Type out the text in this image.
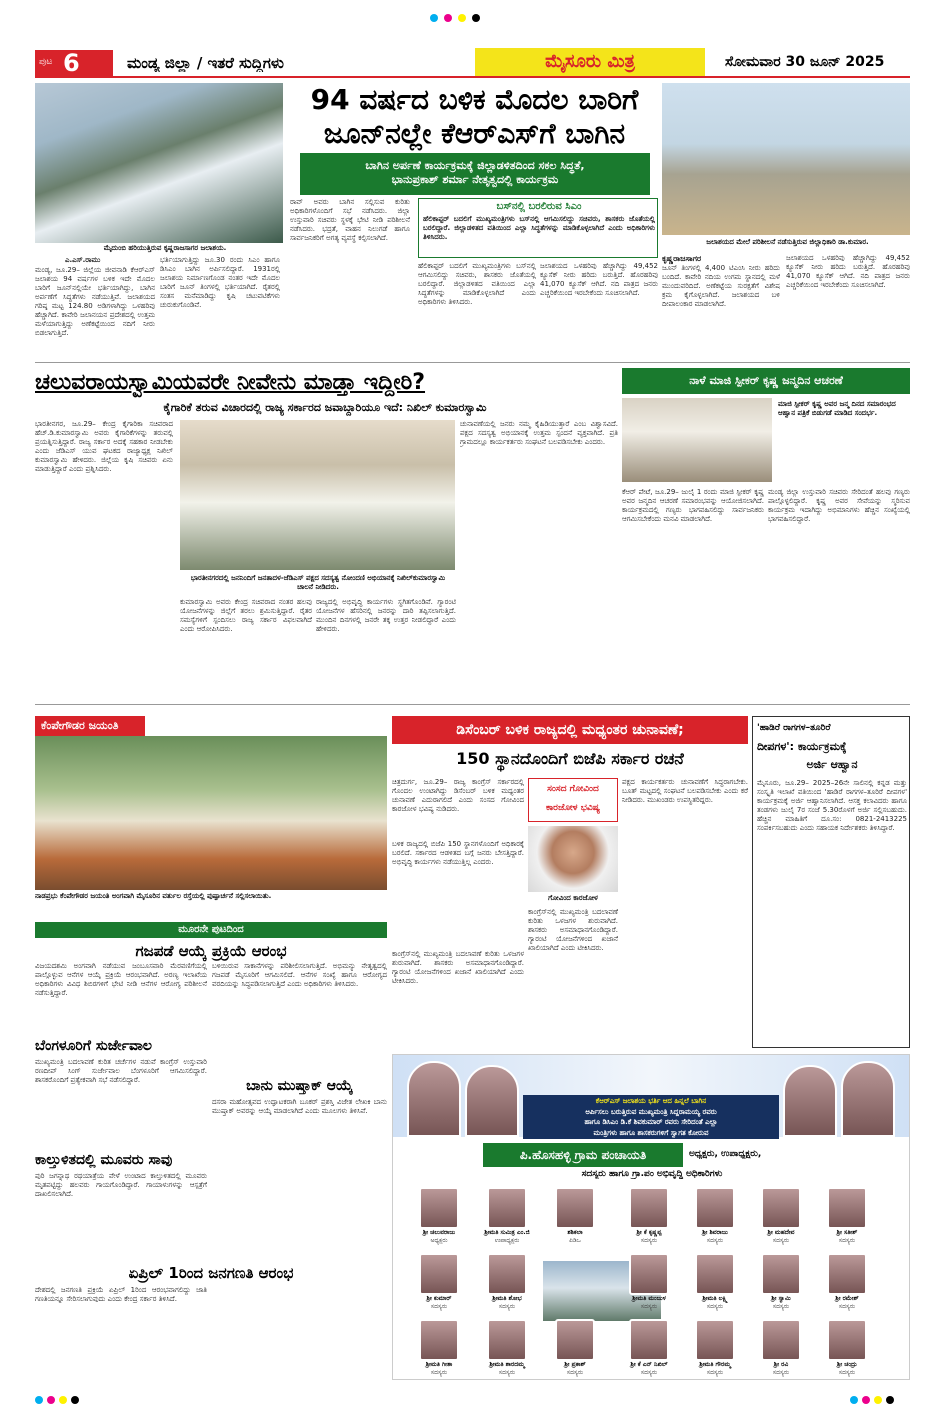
ಪುಟ 6	ಮಂಡ್ಯ ಜಿಲ್ಲಾ / ಇತರೆ ಸುದ್ದಿಗಳು	ಮೈಸೂರು ಮಿತ್ರ	ಸೋಮವಾರ 30 ಜೂನ್ 2025
ಮೈದುಂಬಿ ಹರಿಯುತ್ತಿರುವ ಕೃಷ್ಣರಾಜಸಾಗರ ಜಲಾಶಯ.
94 ವರ್ಷದ ಬಳಿಕ ಮೊದಲ ಬಾರಿಗೆ
ಜೂನ್‌ನಲ್ಲೇ ಕೆಆರ್‌ಎಸ್‌ಗೆ ಬಾಗಿನ
ಬಾಗಿನ ಅರ್ಪಣೆ ಕಾರ್ಯಕ್ರಮಕ್ಕೆ ಜಿಲ್ಲಾಡಳಿತದಿಂದ ಸಕಲ ಸಿದ್ಧತೆ,
ಭಾನುಪ್ರಕಾಶ್ ಶರ್ಮಾ ನೇತೃತ್ವದಲ್ಲಿ ಕಾರ್ಯಕ್ರಮ
ಜಲಾಶಯದ ಮೇಲೆ ಪರಿಶೀಲನೆ ನಡೆಸುತ್ತಿರುವ ಜಿಲ್ಲಾಧಿಕಾರಿ ಡಾ.ಕುಮಾರ.
ಎ.ಎಸ್.ರಾಮು
ಮಂಡ್ಯ, ಜೂ.29– ಜಿಲ್ಲೆಯ ಜೀವನಾಡಿ ಕೆಆರ್‌ಎಸ್ ಜಲಾಶಯ 94 ವರ್ಷಗಳ ಬಳಿಕ ಇದೇ ಮೊದಲ ಬಾರಿಗೆ ಜೂನ್‌ನಲ್ಲಿಯೇ ಭರ್ತಿಯಾಗಿದ್ದು, ಬಾಗಿನ ಅರ್ಪಣೆಗೆ ಸಿದ್ಧತೆಗಳು ನಡೆಯುತ್ತಿವೆ. ಜಲಾಶಯದ ಗರಿಷ್ಠ ಮಟ್ಟ 124.80 ಅಡಿಗಳಾಗಿದ್ದು ಒಳಹರಿವು ಹೆಚ್ಚಾಗಿದೆ. ಕಾವೇರಿ ಜಲಾನಯನ ಪ್ರದೇಶದಲ್ಲಿ ಉತ್ತಮ ಮಳೆಯಾಗುತ್ತಿದ್ದು ಅಣೆಕಟ್ಟೆಯಿಂದ ನದಿಗೆ ನೀರು ಬಿಡಲಾಗುತ್ತಿದೆ.
ಭರ್ತಿಯಾಗುತ್ತಿದ್ದು ಜೂ.30 ರಂದು ಸಿಎಂ ಹಾಗೂ ಡಿಸಿಎಂ ಬಾಗಿನ ಅರ್ಪಿಸಲಿದ್ದಾರೆ. 1931ರಲ್ಲಿ ಜಲಾಶಯ ನಿರ್ಮಾಣಗೊಂಡ ನಂತರ ಇದೇ ಮೊದಲ ಬಾರಿಗೆ ಜೂನ್ ತಿಂಗಳಲ್ಲಿ ಭರ್ತಿಯಾಗಿದೆ. ರೈತರಲ್ಲಿ ಸಂತಸ ಮನೆಮಾಡಿದ್ದು ಕೃಷಿ ಚಟುವಟಿಕೆಗಳು ಚುರುಕುಗೊಂಡಿವೆ.
ರಾವ್ ಅವರು ಬಾಗಿನ ಸಲ್ಲಿಸುವ ಕುರಿತು ಅಧಿಕಾರಿಗಳೊಂದಿಗೆ ಸಭೆ ನಡೆಸಿದರು. ಜಿಲ್ಲಾ ಉಸ್ತುವಾರಿ ಸಚಿವರು ಸ್ಥಳಕ್ಕೆ ಭೇಟಿ ನೀಡಿ ಪರಿಶೀಲನೆ ನಡೆಸಿದರು. ಭದ್ರತೆ, ವಾಹನ ನಿಲುಗಡೆ ಹಾಗೂ ಸಾರ್ವಜನಿಕರಿಗೆ ಅಗತ್ಯ ವ್ಯವಸ್ಥೆ ಕಲ್ಪಿಸಲಾಗಿದೆ.
ಬಸ್‌ನಲ್ಲಿ ಬರಲಿರುವ ಸಿಎಂ
ಹೆಲಿಕಾಪ್ಟರ್ ಬದಲಿಗೆ ಮುಖ್ಯಮಂತ್ರಿಗಳು ಬಸ್‌ನಲ್ಲಿ ಆಗಮಿಸಲಿದ್ದು ಸಚಿವರು, ಶಾಸಕರು ಜೊತೆಯಲ್ಲಿ ಬರಲಿದ್ದಾರೆ. ಜಿಲ್ಲಾಡಳಿತದ ವತಿಯಿಂದ ಎಲ್ಲಾ ಸಿದ್ಧತೆಗಳನ್ನು ಮಾಡಿಕೊಳ್ಳಲಾಗಿದೆ ಎಂದು ಅಧಿಕಾರಿಗಳು ತಿಳಿಸಿದರು.
ಹೆಲಿಕಾಪ್ಟರ್ ಬದಲಿಗೆ ಮುಖ್ಯಮಂತ್ರಿಗಳು ಬಸ್‌ನಲ್ಲಿ ಆಗಮಿಸಲಿದ್ದು ಸಚಿವರು, ಶಾಸಕರು ಜೊತೆಯಲ್ಲಿ ಬರಲಿದ್ದಾರೆ. ಜಿಲ್ಲಾಡಳಿತದ ವತಿಯಿಂದ ಎಲ್ಲಾ ಸಿದ್ಧತೆಗಳನ್ನು ಮಾಡಿಕೊಳ್ಳಲಾಗಿದೆ ಎಂದು ಅಧಿಕಾರಿಗಳು ತಿಳಿಸಿದರು.
ಜಲಾಶಯದ ಒಳಹರಿವು ಹೆಚ್ಚಾಗಿದ್ದು 49,452 ಕ್ಯೂಸೆಕ್ ನೀರು ಹರಿದು ಬರುತ್ತಿದೆ. ಹೊರಹರಿವು 41,070 ಕ್ಯೂಸೆಕ್ ಆಗಿದೆ. ನದಿ ಪಾತ್ರದ ಜನರು ಎಚ್ಚರಿಕೆಯಿಂದ ಇರಬೇಕೆಂದು ಸೂಚಿಸಲಾಗಿದೆ.
ಕೃಷ್ಣರಾಜಸಾಗರ
ಜೂನ್ ತಿಂಗಳಲ್ಲಿ 4,400 ಟಿಎಂಸಿ ನೀರು ಹರಿದು ಬಂದಿದೆ. ಕಾವೇರಿ ನದಿಯ ಉಗಮ ಸ್ಥಾನದಲ್ಲಿ ಮಳೆ ಮುಂದುವರಿದಿದೆ. ಅಣೆಕಟ್ಟೆಯ ಸುರಕ್ಷತೆಗೆ ವಿಶೇಷ ಕ್ರಮ ಕೈಗೊಳ್ಳಲಾಗಿದೆ. ಜಲಾಶಯದ ಬಳಿ ದೀಪಾಲಂಕಾರ ಮಾಡಲಾಗಿದೆ.
ಜಲಾಶಯದ ಒಳಹರಿವು ಹೆಚ್ಚಾಗಿದ್ದು 49,452 ಕ್ಯೂಸೆಕ್ ನೀರು ಹರಿದು ಬರುತ್ತಿದೆ. ಹೊರಹರಿವು 41,070 ಕ್ಯೂಸೆಕ್ ಆಗಿದೆ. ನದಿ ಪಾತ್ರದ ಜನರು ಎಚ್ಚರಿಕೆಯಿಂದ ಇರಬೇಕೆಂದು ಸೂಚಿಸಲಾಗಿದೆ.
ಚಲುವರಾಯಸ್ವಾಮಿಯವರೇ ನೀವೇನು ಮಾಡ್ತಾ ಇದ್ದೀರಿ?
ಕೈಗಾರಿಕೆ ತರುವ ವಿಚಾರದಲ್ಲಿ ರಾಜ್ಯ ಸರ್ಕಾರದ ಜವಾಬ್ದಾರಿಯೂ ಇದೆ: ನಿಖಿಲ್ ಕುಮಾರಸ್ವಾಮಿ
ಭಾರತೀನಗರ, ಜೂ.29– ಕೇಂದ್ರ ಕೈಗಾರಿಕಾ ಸಚಿವರಾದ ಹೆಚ್.ಡಿ.ಕುಮಾರಸ್ವಾಮಿ ಅವರು ಕೈಗಾರಿಕೆಗಳನ್ನು ತರುವಲ್ಲಿ ಪ್ರಯತ್ನಿಸುತ್ತಿದ್ದಾರೆ. ರಾಜ್ಯ ಸರ್ಕಾರ ಅದಕ್ಕೆ ಸಹಕಾರ ನೀಡಬೇಕು ಎಂದು ಜೆಡಿಎಸ್ ಯುವ ಘಟಕದ ರಾಜ್ಯಾಧ್ಯಕ್ಷ ನಿಖಿಲ್ ಕುಮಾರಸ್ವಾಮಿ ಹೇಳಿದರು. ಜಿಲ್ಲೆಯ ಕೃಷಿ ಸಚಿವರು ಏನು ಮಾಡುತ್ತಿದ್ದಾರೆ ಎಂದು ಪ್ರಶ್ನಿಸಿದರು.
ಭಾರತೀನಗರದಲ್ಲಿ ಜನನಿಂದಿಗೆ ಜನತಾದಳ-ಜೆಡಿಎಸ್ ಪಕ್ಷದ ಸದಸ್ಯತ್ವ ನೋಂದಣಿ ಅಭಿಯಾನಕ್ಕೆ ನಿಖಿಲ್‌ಕುಮಾರಸ್ವಾಮಿ ಚಾಲನೆ ನೀಡಿದರು.
ಚುನಾವಣೆಯಲ್ಲಿ ಜನರು ನಮ್ಮ ಕೈಹಿಡಿಯುತ್ತಾರೆ ಎಂಬ ವಿಶ್ವಾಸವಿದೆ. ಪಕ್ಷದ ಸದಸ್ಯತ್ವ ಅಭಿಯಾನಕ್ಕೆ ಉತ್ತಮ ಸ್ಪಂದನೆ ವ್ಯಕ್ತವಾಗಿದೆ. ಪ್ರತಿ ಗ್ರಾಮದಲ್ಲೂ ಕಾರ್ಯಕರ್ತರು ಸಂಘಟನೆ ಬಲಪಡಿಸಬೇಕು ಎಂದರು.
ಕುಮಾರಸ್ವಾಮಿ ಅವರು ಕೇಂದ್ರ ಸಚಿವರಾದ ನಂತರ ಹಲವು ಯೋಜನೆಗಳನ್ನು ಜಿಲ್ಲೆಗೆ ತರಲು ಶ್ರಮಿಸುತ್ತಿದ್ದಾರೆ. ರೈತರ ಸಮಸ್ಯೆಗಳಿಗೆ ಸ್ಪಂದಿಸಲು ರಾಜ್ಯ ಸರ್ಕಾರ ವಿಫಲವಾಗಿದೆ ಎಂದು ಆರೋಪಿಸಿದರು.
ರಾಜ್ಯದಲ್ಲಿ ಅಭಿವೃದ್ಧಿ ಕಾರ್ಯಗಳು ಸ್ಥಗಿತಗೊಂಡಿವೆ. ಗ್ಯಾರಂಟಿ ಯೋಜನೆಗಳ ಹೆಸರಿನಲ್ಲಿ ಜನರನ್ನು ದಾರಿ ತಪ್ಪಿಸಲಾಗುತ್ತಿದೆ. ಮುಂದಿನ ದಿನಗಳಲ್ಲಿ ಜನರೇ ತಕ್ಕ ಉತ್ತರ ನೀಡಲಿದ್ದಾರೆ ಎಂದು ಹೇಳಿದರು.
ನಾಳೆ ಮಾಜಿ ಸ್ಪೀಕರ್ ಕೃಷ್ಣ ಜನ್ಮದಿನ ಆಚರಣೆ
ಮಾಜಿ ಸ್ಪೀಕರ್ ಕೃಷ್ಣ ಅವರ ಜನ್ಮ ದಿನದ ಸಮಾರಂಭದ ಆಹ್ವಾನ ಪತ್ರಿಕೆ ಬಿಡುಗಡೆ ಮಾಡಿದ ಸಂದರ್ಭ.
ಕೆಆರ್ ಪೇಟೆ, ಜೂ.29– ಜುಲೈ 1 ರಂದು ಮಾಜಿ ಸ್ಪೀಕರ್ ಕೃಷ್ಣ ಅವರ ಜನ್ಮದಿನ ಆಚರಣೆ ಸಮಾರಂಭವನ್ನು ಆಯೋಜಿಸಲಾಗಿದೆ. ಕಾರ್ಯಕ್ರಮದಲ್ಲಿ ಗಣ್ಯರು ಭಾಗವಹಿಸಲಿದ್ದು ಸಾರ್ವಜನಿಕರು ಆಗಮಿಸಬೇಕೆಂದು ಮನವಿ ಮಾಡಲಾಗಿದೆ.
ಮಂಡ್ಯ ಜಿಲ್ಲಾ ಉಸ್ತುವಾರಿ ಸಚಿವರು ಸೇರಿದಂತೆ ಹಲವು ಗಣ್ಯರು ಪಾಲ್ಗೊಳ್ಳಲಿದ್ದಾರೆ. ಕೃಷ್ಣ ಅವರ ಸೇವೆಯನ್ನು ಸ್ಮರಿಸುವ ಕಾರ್ಯಕ್ರಮ ಇದಾಗಿದ್ದು ಅಭಿಮಾನಿಗಳು ಹೆಚ್ಚಿನ ಸಂಖ್ಯೆಯಲ್ಲಿ ಭಾಗವಹಿಸಲಿದ್ದಾರೆ.
ಕೆಂಪೇಗೌಡರ ಜಯಂತಿ
ನಾಡಪ್ರಭು ಕೆಂಪೇಗೌಡರ ಜಯಂತಿ ಅಂಗವಾಗಿ ಮೈಸೂರಿನ ವರ್ತುಲ ರಸ್ತೆಯಲ್ಲಿ ಪುಷ್ಪಾರ್ಚನೆ ಸಲ್ಲಿಸಲಾಯಿತು.
ಮೂರನೇ ಪುಟದಿಂದ
ಗಜಪಡೆ ಆಯ್ಕೆ ಪ್ರಕ್ರಿಯೆ ಆರಂಭ
ವಿಜಯದಶಮಿ ಅಂಗವಾಗಿ ನಡೆಯುವ ಜಂಬೂಸವಾರಿ ಮೆರವಣಿಗೆಯಲ್ಲಿ ಪಾಲ್ಗೊಳ್ಳುವ ಆನೆಗಳ ಆಯ್ಕೆ ಪ್ರಕ್ರಿಯೆ ಆರಂಭವಾಗಿದೆ. ಅರಣ್ಯ ಇಲಾಖೆಯ ಅಧಿಕಾರಿಗಳು ವಿವಿಧ ಶಿಬಿರಗಳಿಗೆ ಭೇಟಿ ನೀಡಿ ಆನೆಗಳ ಆರೋಗ್ಯ ಪರಿಶೀಲನೆ ನಡೆಸುತ್ತಿದ್ದಾರೆ.
ಬಳಿಯಿರುವ ಸಾಕಾನೆಗಳನ್ನು ಪರಿಶೀಲಿಸಲಾಗುತ್ತಿದೆ. ಅಭಿಮನ್ಯು ನೇತೃತ್ವದಲ್ಲಿ ಗಜಪಡೆ ಮೈಸೂರಿಗೆ ಆಗಮಿಸಲಿದೆ. ಆನೆಗಳ ಸಂಖ್ಯೆ ಹಾಗೂ ಆರೋಗ್ಯದ ವರದಿಯನ್ನು ಸಿದ್ಧಪಡಿಸಲಾಗುತ್ತಿದೆ ಎಂದು ಅಧಿಕಾರಿಗಳು ತಿಳಿಸಿದರು.
ಬೆಂಗಳೂರಿಗೆ ಸುರ್ಜೇವಾಲ
ಮುಖ್ಯಮಂತ್ರಿ ಬದಲಾವಣೆ ಕುರಿತ ಚರ್ಚೆಗಳ ನಡುವೆ ಕಾಂಗ್ರೆಸ್ ಉಸ್ತುವಾರಿ ರಣದೀಪ್ ಸಿಂಗ್ ಸುರ್ಜೇವಾಲ ಬೆಂಗಳೂರಿಗೆ ಆಗಮಿಸಲಿದ್ದಾರೆ. ಶಾಸಕರೊಂದಿಗೆ ಪ್ರತ್ಯೇಕವಾಗಿ ಸಭೆ ನಡೆಸಲಿದ್ದಾರೆ.	ಬಾನು ಮುಷ್ತಾಕ್ ಆಯ್ಕೆ
ದಸರಾ ಮಹೋತ್ಸವದ ಉದ್ಘಾಟಕರಾಗಿ ಬೂಕರ್ ಪ್ರಶಸ್ತಿ ವಿಜೇತ ಲೇಖಕಿ ಬಾನು ಮುಷ್ತಾಕ್ ಅವರನ್ನು ಆಯ್ಕೆ ಮಾಡಲಾಗಿದೆ ಎಂದು ಮೂಲಗಳು ತಿಳಿಸಿವೆ.
ಕಾಲ್ತುಳಿತದಲ್ಲಿ ಮೂವರು ಸಾವು
ಪುರಿ ಜಗನ್ನಾಥ ರಥಯಾತ್ರೆಯ ವೇಳೆ ಉಂಟಾದ ಕಾಲ್ತುಳಿತದಲ್ಲಿ ಮೂವರು ಮೃತಪಟ್ಟಿದ್ದು ಹಲವರು ಗಾಯಗೊಂಡಿದ್ದಾರೆ. ಗಾಯಾಳುಗಳನ್ನು ಆಸ್ಪತ್ರೆಗೆ ದಾಖಲಿಸಲಾಗಿದೆ.
ಏಪ್ರಿಲ್ 1ರಿಂದ ಜನಗಣತಿ ಆರಂಭ
ದೇಶದಲ್ಲಿ ಜನಗಣತಿ ಪ್ರಕ್ರಿಯೆ ಏಪ್ರಿಲ್ 1ರಿಂದ ಆರಂಭವಾಗಲಿದ್ದು ಜಾತಿ ಗಣತಿಯನ್ನೂ ಸೇರಿಸಲಾಗುವುದು ಎಂದು ಕೇಂದ್ರ ಸರ್ಕಾರ ತಿಳಿಸಿದೆ.
ಡಿಸೆಂಬರ್ ಬಳಿಕ ರಾಜ್ಯದಲ್ಲಿ ಮಧ್ಯಂತರ ಚುನಾವಣೆ;
150 ಸ್ಥಾನದೊಂದಿಗೆ ಬಿಜೆಪಿ ಸರ್ಕಾರ ರಚನೆ
ಚಿತ್ರದುರ್ಗ, ಜೂ.29– ರಾಜ್ಯ ಕಾಂಗ್ರೆಸ್ ಸರ್ಕಾರದಲ್ಲಿ ಗೊಂದಲ ಉಂಟಾಗಿದ್ದು ಡಿಸೆಂಬರ್ ಬಳಿಕ ಮಧ್ಯಂತರ ಚುನಾವಣೆ ಎದುರಾಗಲಿದೆ ಎಂದು ಸಂಸದ ಗೋವಿಂದ ಕಾರಜೋಳ ಭವಿಷ್ಯ ನುಡಿದರು.
ಸಂಸದ ಗೋವಿಂದ
ಕಾರಜೋಳ ಭವಿಷ್ಯ
ಬಳಿಕ ರಾಜ್ಯದಲ್ಲಿ ಬಿಜೆಪಿ 150 ಸ್ಥಾನಗಳೊಂದಿಗೆ ಅಧಿಕಾರಕ್ಕೆ ಬರಲಿದೆ. ಸರ್ಕಾರದ ಆಡಳಿತದ ಬಗ್ಗೆ ಜನರು ಬೇಸತ್ತಿದ್ದಾರೆ. ಅಭಿವೃದ್ಧಿ ಕಾರ್ಯಗಳು ನಡೆಯುತ್ತಿಲ್ಲ ಎಂದರು.
ಗೋವಿಂದ ಕಾರಜೋಳ
ಕಾಂಗ್ರೆಸ್‌ನಲ್ಲಿ ಮುಖ್ಯಮಂತ್ರಿ ಬದಲಾವಣೆ ಕುರಿತು ಒಳಜಗಳ ಶುರುವಾಗಿದೆ. ಶಾಸಕರು ಅಸಮಾಧಾನಗೊಂಡಿದ್ದಾರೆ. ಗ್ಯಾರಂಟಿ ಯೋಜನೆಗಳಿಂದ ಖಜಾನೆ ಖಾಲಿಯಾಗಿದೆ ಎಂದು ಟೀಕಿಸಿದರು.
ಪಕ್ಷದ ಕಾರ್ಯಕರ್ತರು ಚುನಾವಣೆಗೆ ಸಿದ್ಧರಾಗಬೇಕು. ಬೂತ್ ಮಟ್ಟದಲ್ಲಿ ಸಂಘಟನೆ ಬಲಪಡಿಸಬೇಕು ಎಂದು ಕರೆ ನೀಡಿದರು. ಮುಖಂಡರು ಉಪಸ್ಥಿತರಿದ್ದರು.
ಕಾಂಗ್ರೆಸ್‌ನಲ್ಲಿ ಮುಖ್ಯಮಂತ್ರಿ ಬದಲಾವಣೆ ಕುರಿತು ಒಳಜಗಳ ಶುರುವಾಗಿದೆ. ಶಾಸಕರು ಅಸಮಾಧಾನಗೊಂಡಿದ್ದಾರೆ. ಗ್ಯಾರಂಟಿ ಯೋಜನೆಗಳಿಂದ ಖಜಾನೆ ಖಾಲಿಯಾಗಿದೆ ಎಂದು ಟೀಕಿಸಿದರು.
'ಹಾಡಿರೆ ರಾಗಗಳ–ತೂರಿರೆ
ದೀಪಗಳ': ಕಾರ್ಯಕ್ರಮಕ್ಕೆ
ಅರ್ಜಿ ಆಹ್ವಾನ
ಮೈಸೂರು, ಜೂ.29– 2025–26ನೇ ಸಾಲಿನಲ್ಲಿ ಕನ್ನಡ ಮತ್ತು ಸಂಸ್ಕೃತಿ ಇಲಾಖೆ ವತಿಯಿಂದ 'ಹಾಡಿರೆ ರಾಗಗಳ–ತೂರಿರೆ ದೀಪಗಳ' ಕಾರ್ಯಕ್ರಮಕ್ಕೆ ಅರ್ಜಿ ಆಹ್ವಾನಿಸಲಾಗಿದೆ. ಆಸಕ್ತ ಕಲಾವಿದರು ಹಾಗೂ ತಂಡಗಳು ಜುಲೈ 7ರ ಸಂಜೆ 5.30ರೊಳಗೆ ಅರ್ಜಿ ಸಲ್ಲಿಸಬಹುದು. ಹೆಚ್ಚಿನ ಮಾಹಿತಿಗೆ ದೂ.ಸಂ: 0821-2413225 ಸಂಪರ್ಕಿಸಬಹುದು ಎಂದು ಸಹಾಯಕ ನಿರ್ದೇಶಕರು ತಿಳಿಸಿದ್ದಾರೆ.
ಕೆಆರ್‌ಎಸ್ ಜಲಾಶಯ ಭರ್ತಿ ಆದ ಹಿನ್ನಲೆ ಬಾಗಿನ
ಅರ್ಪಿಸಲು ಬರುತ್ತಿರುವ ಮುಖ್ಯಮಂತ್ರಿ ಸಿದ್ದರಾಮಯ್ಯ ರವರು
ಹಾಗೂ ಡಿಸಿಎಂ ಡಿ.ಕೆ ಶಿವಕುಮಾರ್ ರವರು ಸೇರಿದಂತೆ ಎಲ್ಲಾ
ಮಂತ್ರಿಗಳು ಹಾಗೂ ಶಾಸಕರುಗಳಿಗೆ ಸ್ವಾಗತ ಕೋರುವ
ಪಿ.ಹೊಸಹಳ್ಳಿ ಗ್ರಾಮ ಪಂಚಾಯತಿ	ಅಧ್ಯಕ್ಷರು, ಉಪಾಧ್ಯಕ್ಷರು,
ಸದಸ್ಯರು ಹಾಗೂ ಗ್ರಾ.ಪಂ ಅಭಿವೃದ್ಧಿ ಅಧಿಕಾರಿಗಳು
ಶ್ರೀ ಚಲುವರಾಜು
ಅಧ್ಯಕ್ಷರು
ಶ್ರೀಮತಿ ಸುಮಿತ್ರ ಎಂ.ಜಿ
ಉಪಾಧ್ಯಕ್ಷರು
ಶಶಿಕಲಾ
ಪಿಡಿಒ
ಶ್ರೀ ಕೆ ಕೃಷ್ಣಪ್ಪ
ಸದಸ್ಯರು
ಶ್ರೀ ಶಿವರಾಜು
ಸದಸ್ಯರು
ಶ್ರೀ ಮಹದೇವ
ಸದಸ್ಯರು
ಶ್ರೀ ಸತೀಶ್
ಸದಸ್ಯರು
ಶ್ರೀಮತಿ ಮಂಜುಳ
ಸದಸ್ಯರು
ಶ್ರೀಮತಿ ಲಕ್ಷ್ಮಿ
ಸದಸ್ಯರು
ಶ್ರೀ ಸ್ವಾಮಿ
ಸದಸ್ಯರು
ಶ್ರೀ ರಮೇಶ್
ಸದಸ್ಯರು
ಶ್ರೀ ಕುಮಾರ್
ಸದಸ್ಯರು
ಶ್ರೀಮತಿ ಶೋಭ
ಸದಸ್ಯರು
ಶ್ರೀಮತಿ ಗೀತಾ
ಸದಸ್ಯರು
ಶ್ರೀಮತಿ ಶಾರದಮ್ಮ
ಸದಸ್ಯರು
ಶ್ರೀ ಕೆ ಎನ್ ನಿಖಿಲ್
ಸದಸ್ಯರು
ಶ್ರೀಮತಿ ಗೌರಮ್ಮ
ಸದಸ್ಯರು
ಶ್ರೀ ರವಿ
ಸದಸ್ಯರು
ಶ್ರೀ ಚಂದ್ರು
ಸದಸ್ಯರು
ಶ್ರೀ ಪ್ರಕಾಶ್
ಸದಸ್ಯರು
